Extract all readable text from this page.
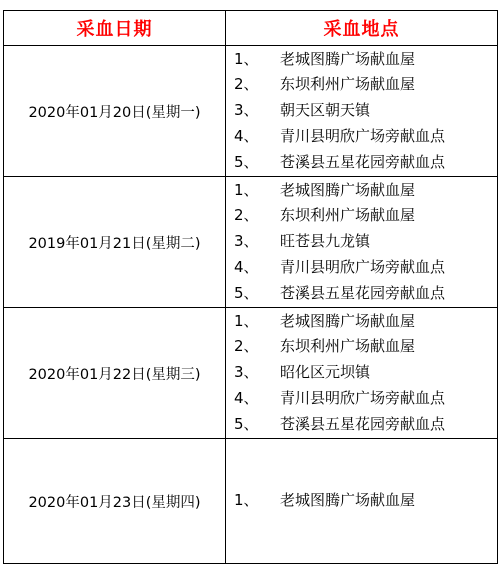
采血日期	采血地点
2020年01月20日(星期一)	1、 老城图腾广场献血屋
2、 东坝利州广场献血屋
3、 朝天区朝天镇
4、 青川县明欣广场旁献血点
5、 苍溪县五星花园旁献血点

2019年01月21日(星期二)	1、 老城图腾广场献血屋
2、 东坝利州广场献血屋
3、 旺苍县九龙镇
4、 青川县明欣广场旁献血点
5、 苍溪县五星花园旁献血点

2020年01月22日(星期三)	1、 老城图腾广场献血屋
2、 东坝利州广场献血屋
3、 昭化区元坝镇
4、 青川县明欣广场旁献血点
5、 苍溪县五星花园旁献血点

2020年01月23日(星期四)	1、 老城图腾广场献血屋
